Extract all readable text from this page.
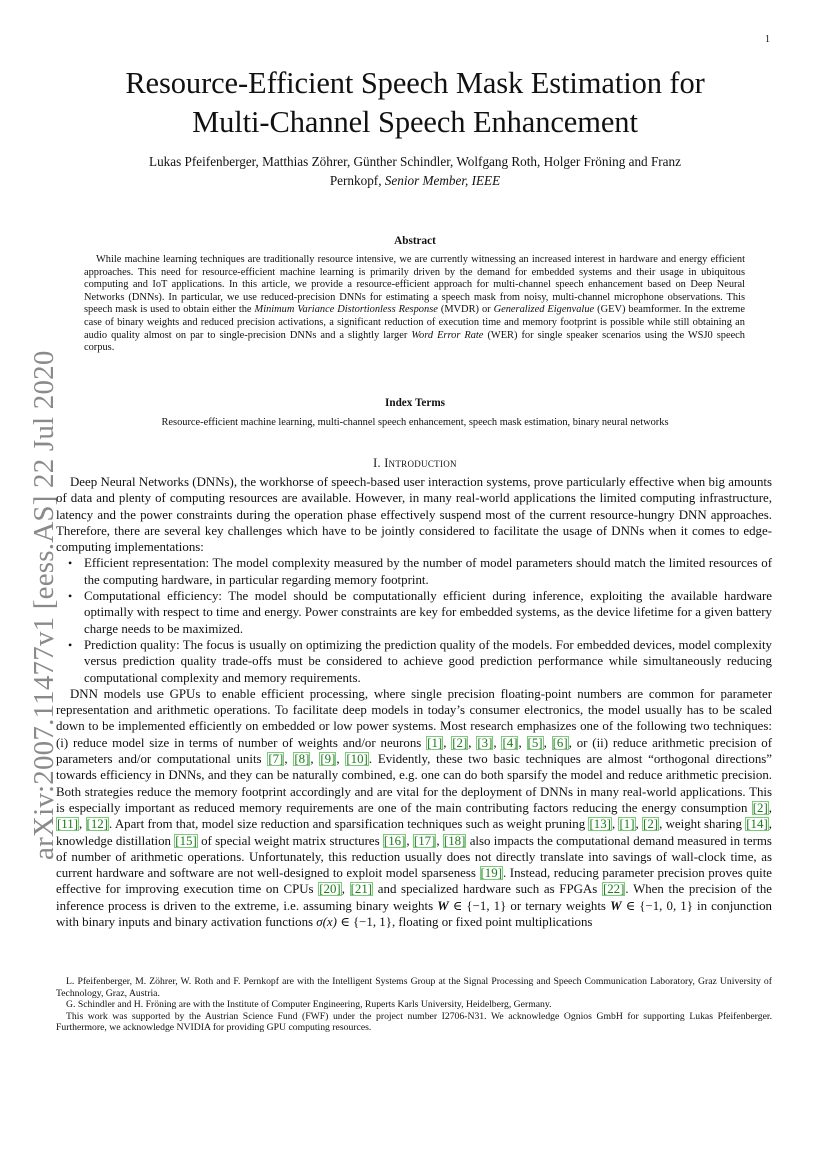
1
arXiv:2007.11477v1 [eess.AS] 22 Jul 2020
Resource-Efficient Speech Mask Estimation for
Multi-Channel Speech Enhancement
Lukas Pfeifenberger, Matthias Zöhrer, Günther Schindler, Wolfgang Roth, Holger Fröning and Franz
Pernkopf, Senior Member, IEEE
Abstract
While machine learning techniques are traditionally resource intensive, we are currently witnessing an increased interest in hardware and energy efficient approaches. This need for resource-efficient machine learning is primarily driven by the demand for embedded systems and their usage in ubiquitous computing and IoT applications. In this article, we provide a resource-efficient approach for multi-channel speech enhancement based on Deep Neural Networks (DNNs). In particular, we use reduced-precision DNNs for estimating a speech mask from noisy, multi-channel microphone observations. This speech mask is used to obtain either the Minimum Variance Distortionless Response (MVDR) or Generalized Eigenvalue (GEV) beamformer. In the extreme case of binary weights and reduced precision activations, a significant reduction of execution time and memory footprint is possible while still obtaining an audio quality almost on par to single-precision DNNs and a slightly larger Word Error Rate (WER) for single speaker scenarios using the WSJ0 speech corpus.
Index Terms
Resource-efficient machine learning, multi-channel speech enhancement, speech mask estimation, binary neural networks
I. Introduction

Deep Neural Networks (DNNs), the workhorse of speech-based user interaction systems, prove particularly effective when big amounts of data and plenty of computing resources are available. However, in many real-world applications the limited computing infrastructure, latency and the power constraints during the operation phase effectively suspend most of the current resource-hungry DNN approaches. Therefore, there are several key challenges which have to be jointly considered to facilitate the usage of DNNs when it comes to edge-computing implementations:

• Efficient representation: The model complexity measured by the number of model parameters should match the limited resources of the computing hardware, in particular regarding memory footprint.
• Computational efficiency: The model should be computationally efficient during inference, exploiting the available hardware optimally with respect to time and energy. Power constraints are key for embedded systems, as the device lifetime for a given battery charge needs to be maximized.
• Prediction quality: The focus is usually on optimizing the prediction quality of the models. For embedded devices, model complexity versus prediction quality trade-offs must be considered to achieve good prediction performance while simultaneously reducing computational complexity and memory requirements.

DNN models use GPUs to enable efficient processing, where single precision floating-point numbers are common for parameter representation and arithmetic operations. To facilitate deep models in today’s consumer electronics, the model usually has to be scaled down to be implemented efficiently on embedded or low power systems. Most research emphasizes one of the following two techniques: (i) reduce model size in terms of number of weights and/or neurons [1], [2], [3], [4], [5], [6], or (ii) reduce arithmetic precision of parameters and/or computational units [7], [8], [9], [10]. Evidently, these two basic techniques are almost “orthogonal directions” towards efficiency in DNNs, and they can be naturally combined, e.g. one can do both sparsify the model and reduce arithmetic precision. Both strategies reduce the memory footprint accordingly and are vital for the deployment of DNNs in many real-world applications. This is especially important as reduced memory requirements are one of the main contributing factors reducing the energy consumption [2], [11], [12]. Apart from that, model size reduction and sparsification techniques such as weight pruning [13], [1], [2], weight sharing [14], knowledge distillation [15] of special weight matrix structures [16], [17], [18] also impacts the computational demand measured in terms of number of arithmetic operations. Unfortunately, this reduction usually does not directly translate into savings of wall-clock time, as current hardware and software are not well-designed to exploit model sparseness [19]. Instead, reducing parameter precision proves quite effective for improving execution time on CPUs [20], [21] and specialized hardware such as FPGAs [22]. When the precision of the inference process is driven to the extreme, i.e. assuming binary weights W ∈ {−1, 1} or ternary weights W ∈ {−1, 0, 1} in conjunction with binary inputs and binary activation functions σ(x) ∈ {−1, 1}, floating or fixed point multiplications

L. Pfeifenberger, M. Zöhrer, W. Roth and F. Pernkopf are with the Intelligent Systems Group at the Signal Processing and Speech Communication Laboratory, Graz University of Technology, Graz, Austria.

G. Schindler and H. Fröning are with the Institute of Computer Engineering, Ruperts Karls University, Heidelberg, Germany.

This work was supported by the Austrian Science Fund (FWF) under the project number I2706-N31. We acknowledge Ognios GmbH for supporting Lukas Pfeifenberger. Furthermore, we acknowledge NVIDIA for providing GPU computing resources.
